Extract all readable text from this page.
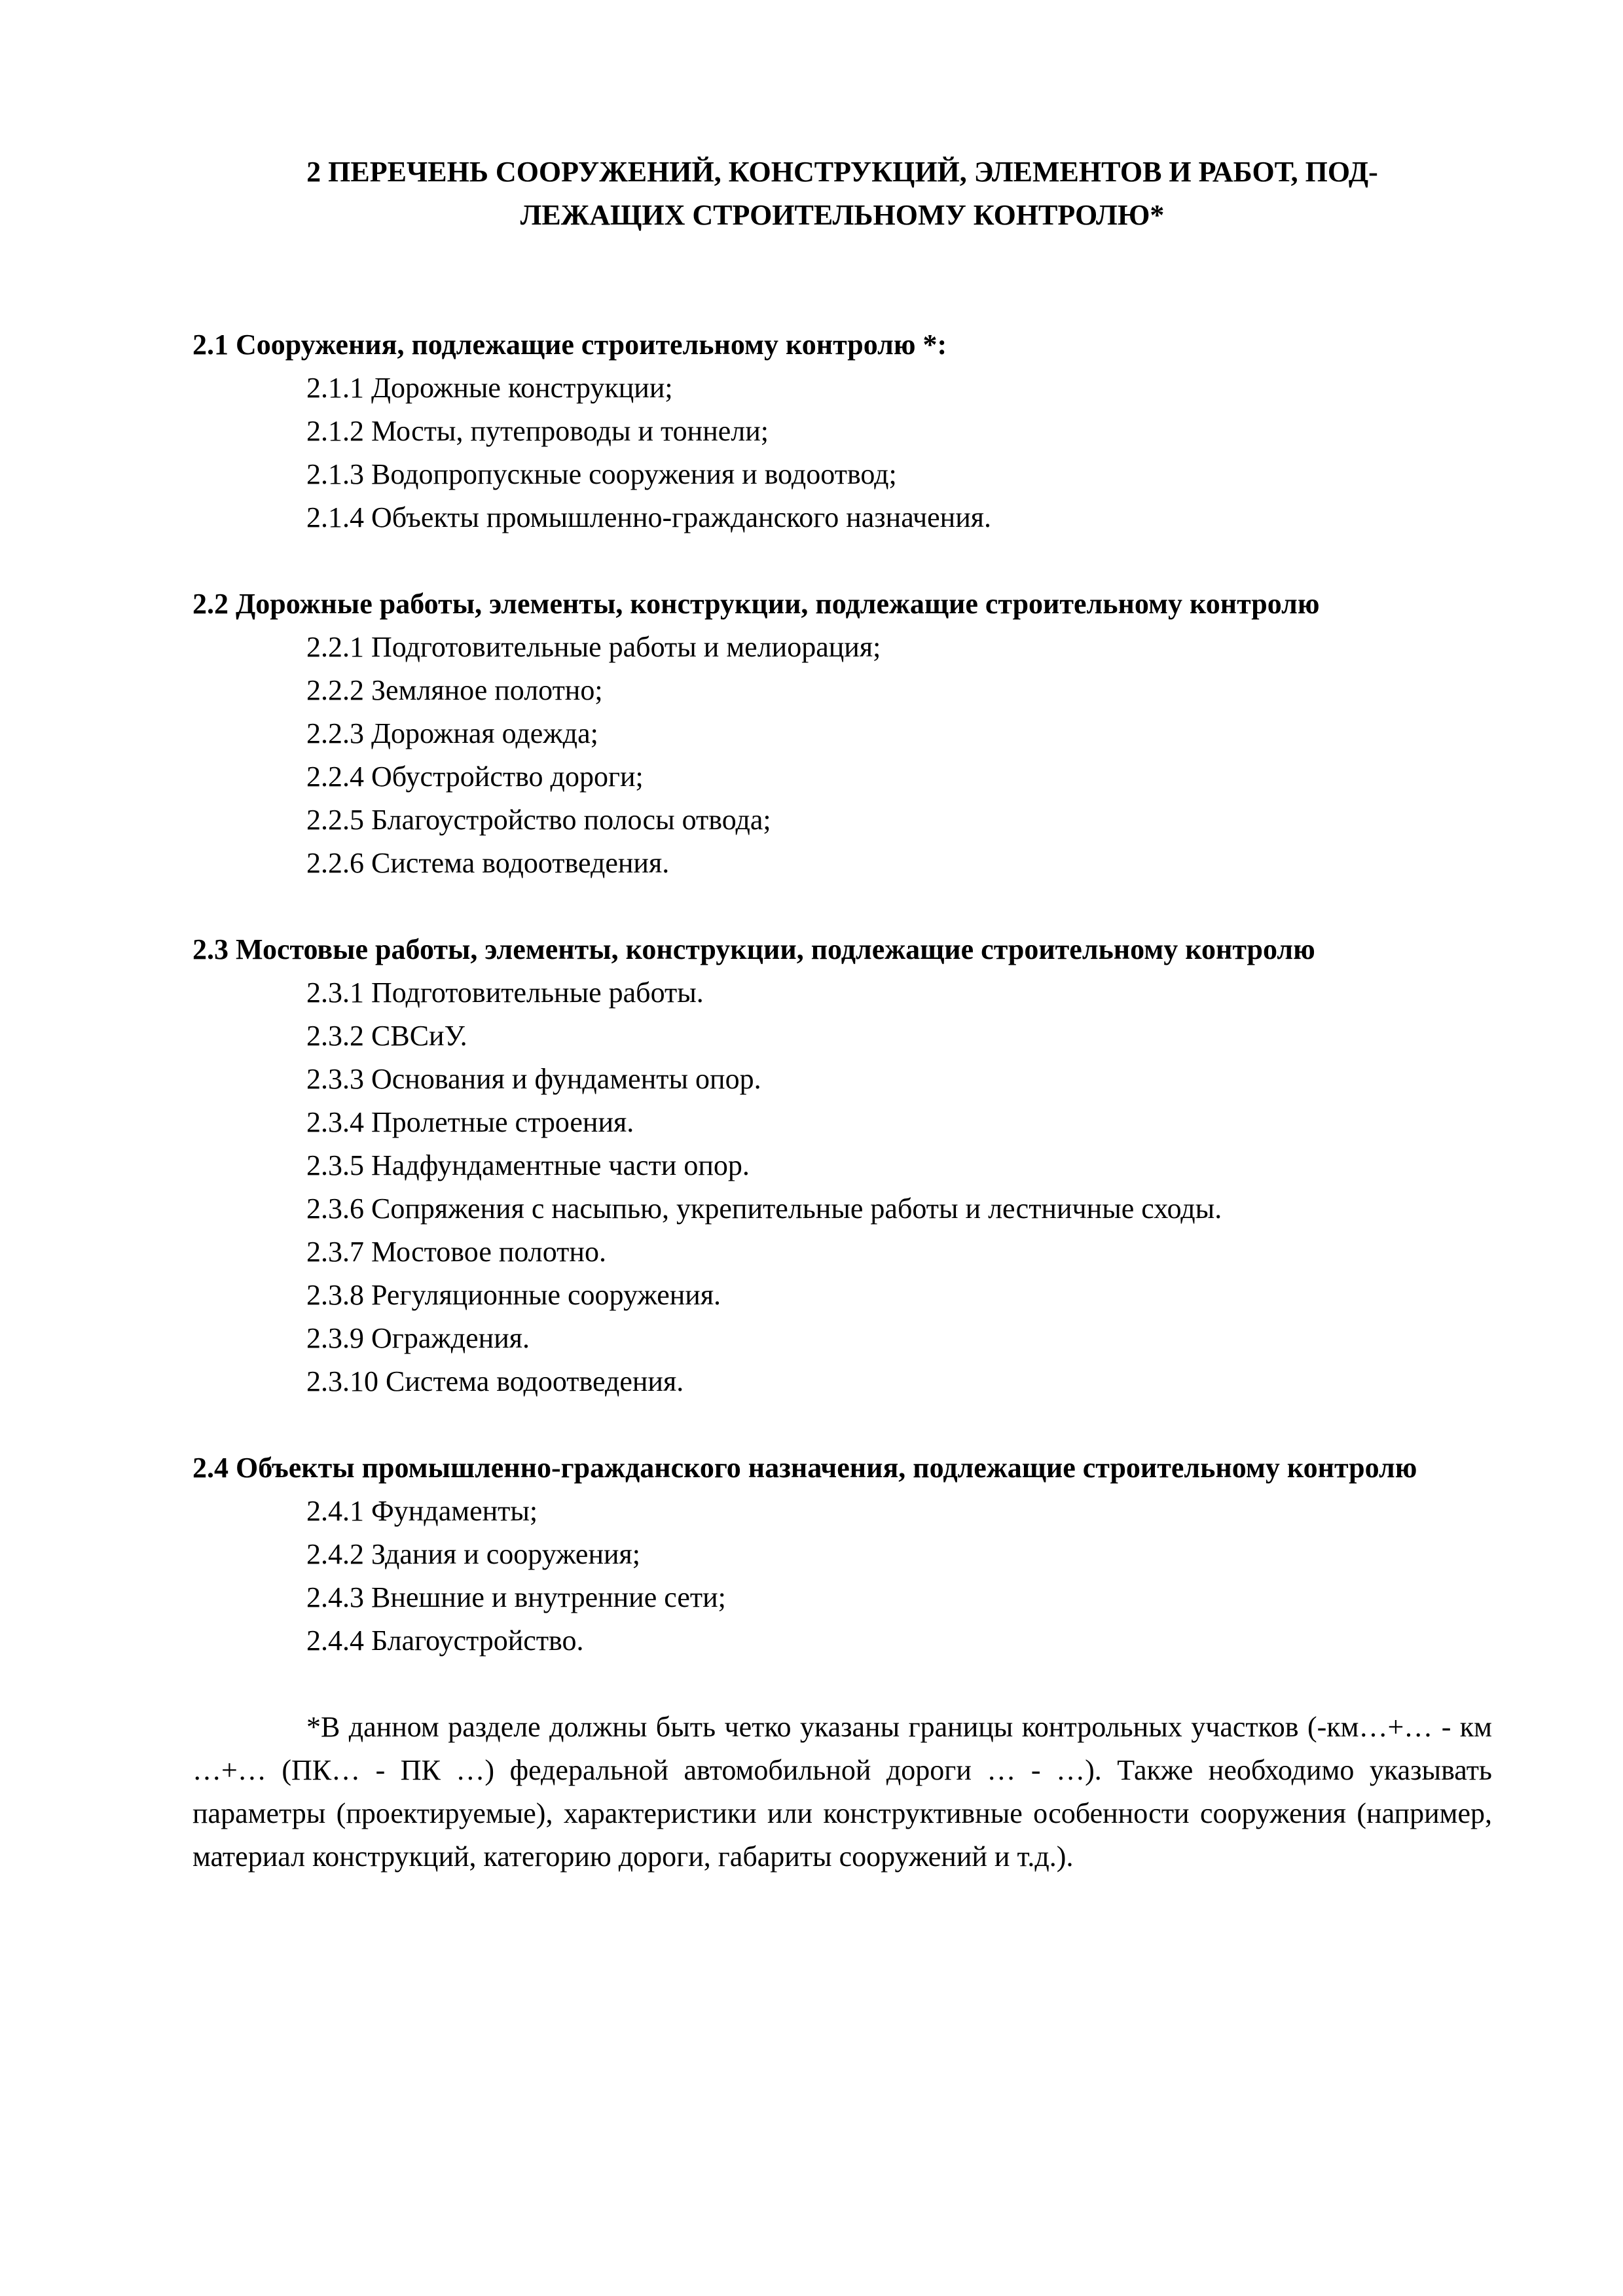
2 ПЕРЕЧЕНЬ СООРУЖЕНИЙ, КОНСТРУКЦИЙ, ЭЛЕМЕНТОВ И РАБОТ, ПОД-
ЛЕЖАЩИХ СТРОИТЕЛЬНОМУ КОНТРОЛЮ*

2.1 Сооружения, подлежащие строительному контролю *:

2.1.1 Дорожные конструкции;
2.1.2 Мосты, путепроводы и тоннели;
2.1.3 Водопропускные сооружения и водоотвод;
2.1.4 Объекты промышленно-гражданского назначения.

2.2 Дорожные работы, элементы, конструкции, подлежащие строительному контролю

2.2.1 Подготовительные работы и мелиорация;
2.2.2 Земляное полотно;
2.2.3 Дорожная одежда;
2.2.4 Обустройство дороги;
2.2.5 Благоустройство полосы отвода;
2.2.6 Система водоотведения.

2.3 Мостовые работы, элементы, конструкции, подлежащие строительному контролю

2.3.1 Подготовительные работы.
2.3.2 СВСиУ.
2.3.3 Основания и фундаменты опор.
2.3.4 Пролетные строения.
2.3.5 Надфундаментные части опор.
2.3.6 Сопряжения с насыпью, укрепительные работы и лестничные сходы.
2.3.7 Мостовое полотно.
2.3.8 Регуляционные сооружения.
2.3.9 Ограждения.
2.3.10 Система водоотведения.

2.4 Объекты промышленно-гражданского назначения, подлежащие строительному контролю

2.4.1 Фундаменты;
2.4.2 Здания и сооружения;
2.4.3 Внешние и внутренние сети;
2.4.4 Благоустройство.

*В данном разделе должны быть четко указаны границы контрольных участков (-км…+… - км …+… (ПК… - ПК …) федеральной автомобильной дороги … - …). Также необходимо указывать параметры (проектируемые), характеристики или конструктивные особенности сооружения (например, материал конструкций, категорию дороги, габариты сооружений и т.д.).
